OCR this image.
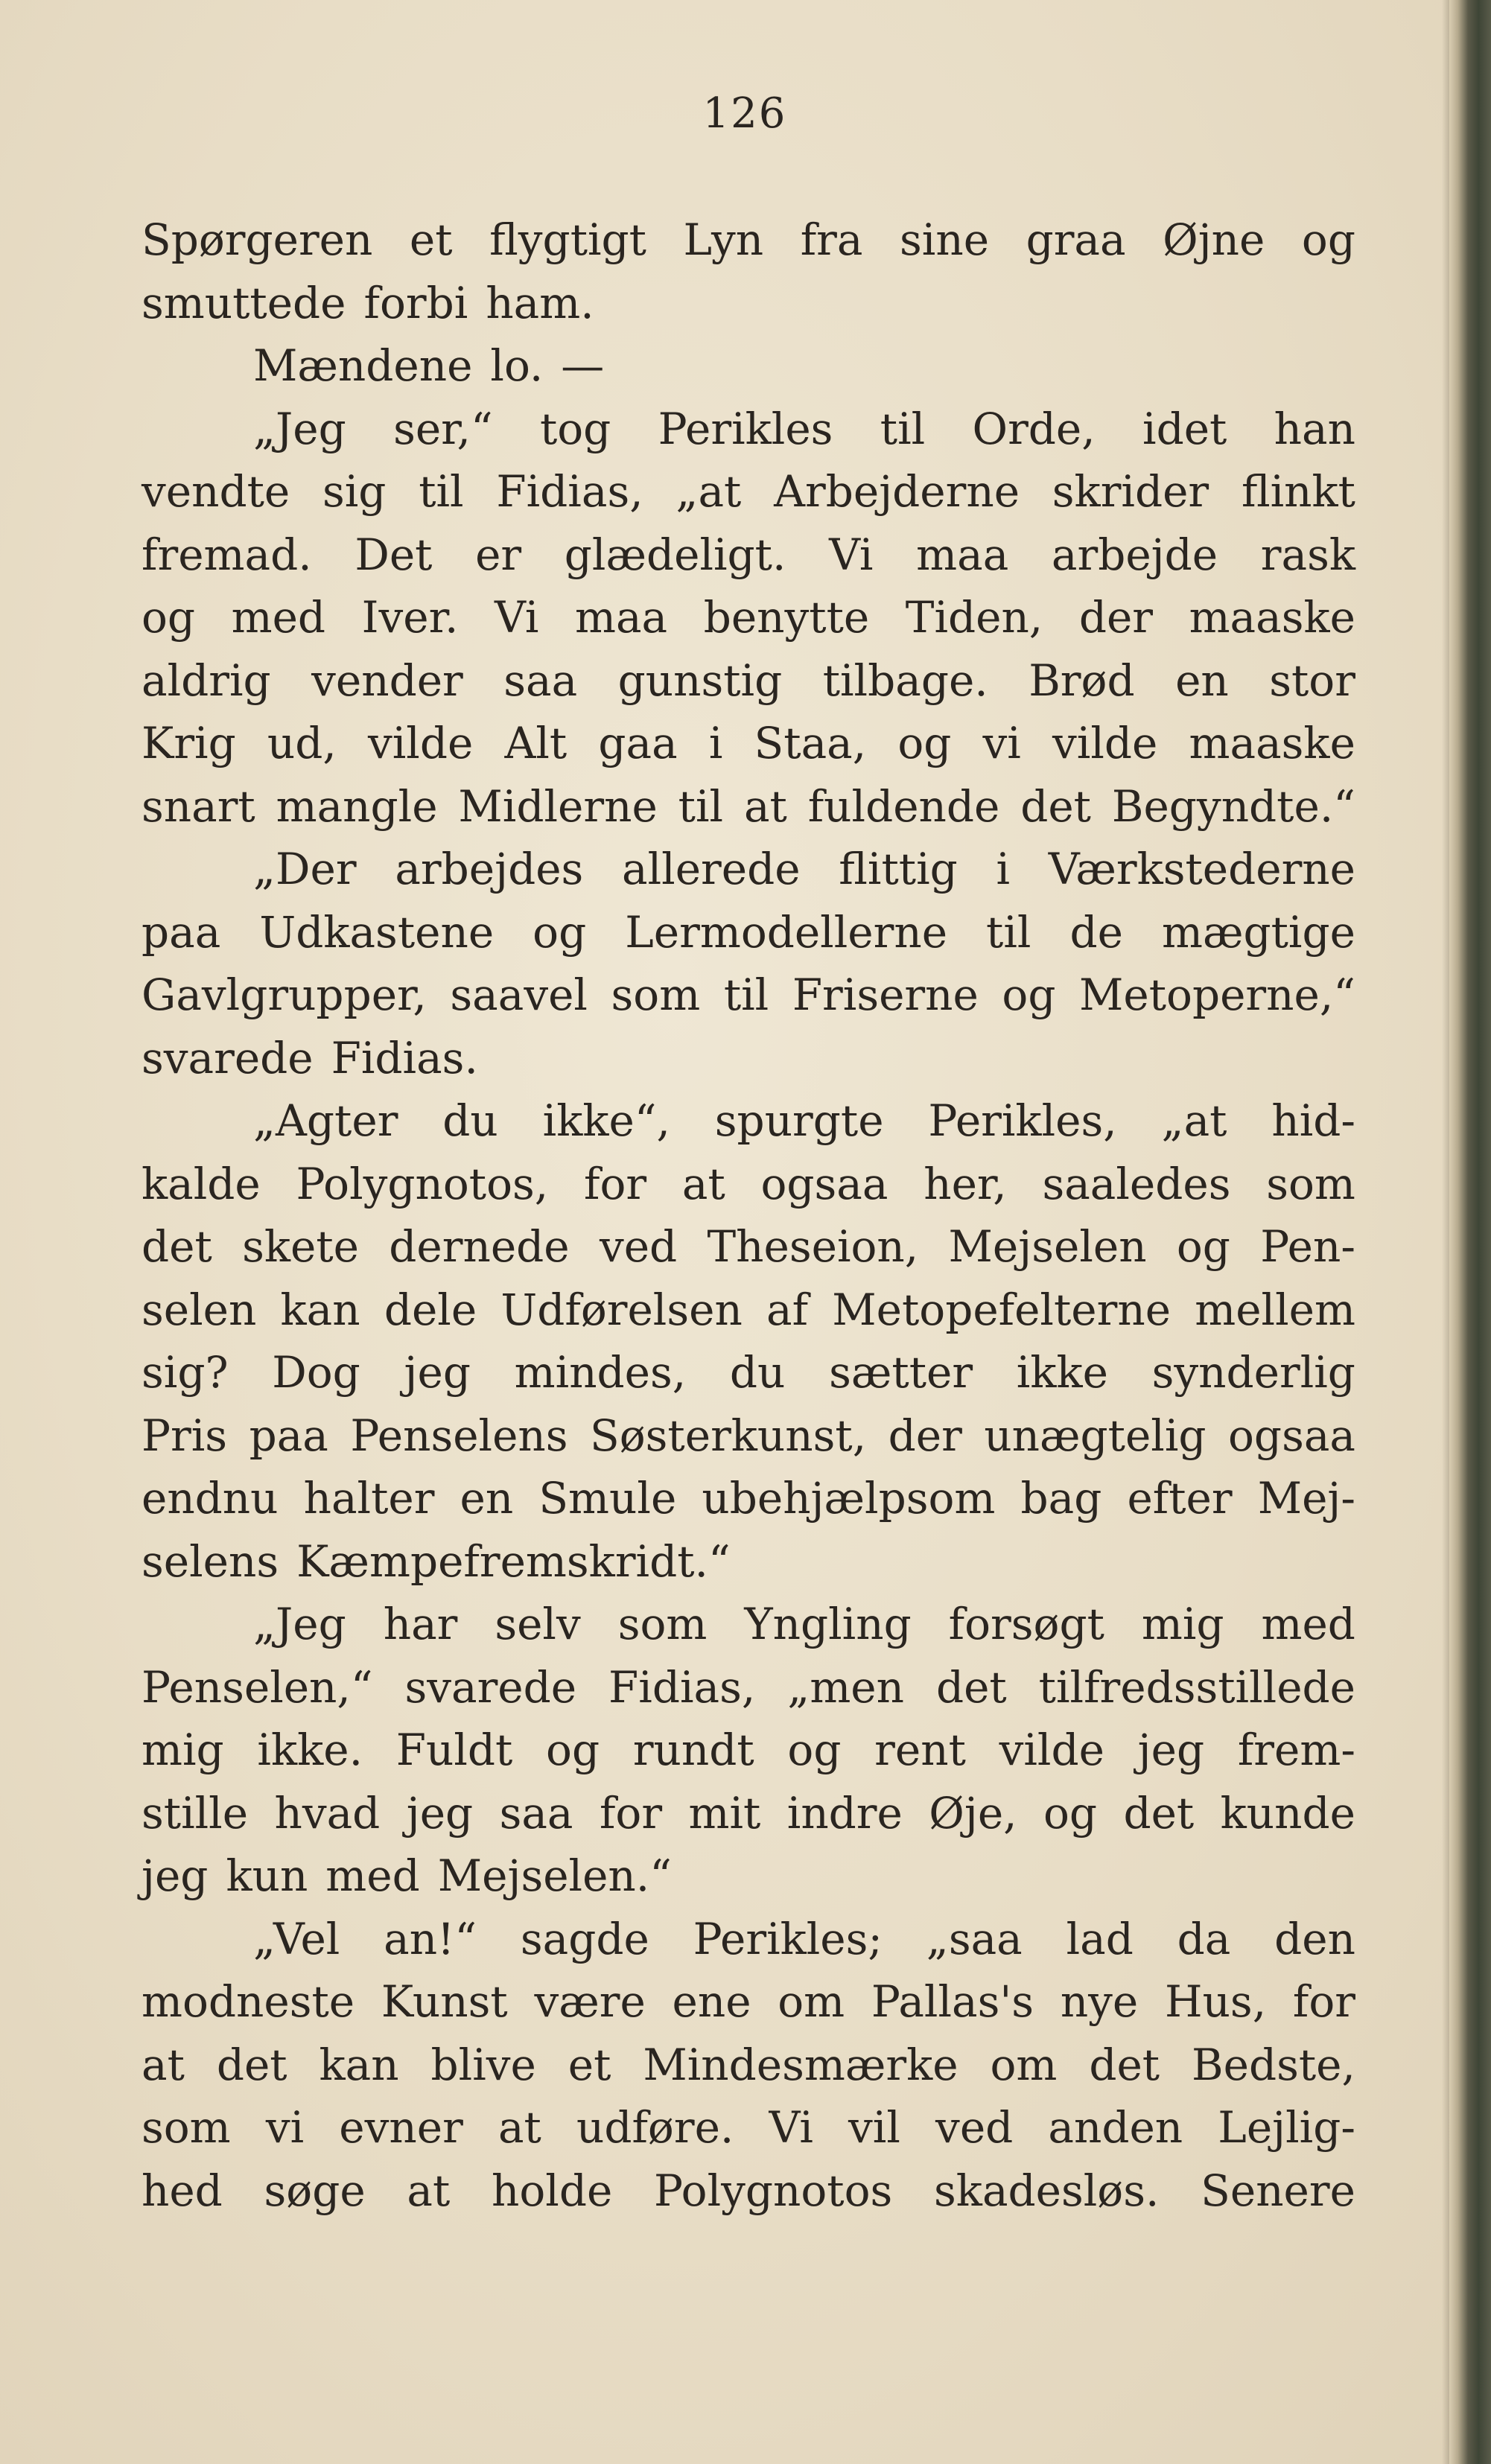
126
Spørgeren et flygtigt Lyn fra sine graa Øjne og
smuttede forbi ham.
Mændene lo. —
„Jeg ser,“ tog Perikles til Orde, idet han
vendte sig til Fidias, „at Arbejderne skrider flinkt
fremad. Det er glædeligt. Vi maa arbejde rask
og med Iver. Vi maa benytte Tiden, der maaske
aldrig vender saa gunstig tilbage. Brød en stor
Krig ud, vilde Alt gaa i Staa, og vi vilde maaske
snart mangle Midlerne til at fuldende det Begyndte.“
„Der arbejdes allerede flittig i Værkstederne
paa Udkastene og Lermodellerne til de mægtige
Gavlgrupper, saavel som til Friserne og Metoperne,“
svarede Fidias.
„Agter du ikke“, spurgte Perikles, „at hid-
kalde Polygnotos, for at ogsaa her, saaledes som
det skete dernede ved Theseion, Mejselen og Pen-
selen kan dele Udførelsen af Metopefelterne mellem
sig? Dog jeg mindes, du sætter ikke synderlig
Pris paa Penselens Søsterkunst, der unægtelig ogsaa
endnu halter en Smule ubehjælpsom bag efter Mej-
selens Kæmpefremskridt.“
„Jeg har selv som Yngling forsøgt mig med
Penselen,“ svarede Fidias, „men det tilfredsstillede
mig ikke. Fuldt og rundt og rent vilde jeg frem-
stille hvad jeg saa for mit indre Øje, og det kunde
jeg kun med Mejselen.“
„Vel an!“ sagde Perikles; „saa lad da den
modneste Kunst være ene om Pallas's nye Hus, for
at det kan blive et Mindesmærke om det Bedste,
som vi evner at udføre. Vi vil ved anden Lejlig-
hed søge at holde Polygnotos skadesløs. Senere
